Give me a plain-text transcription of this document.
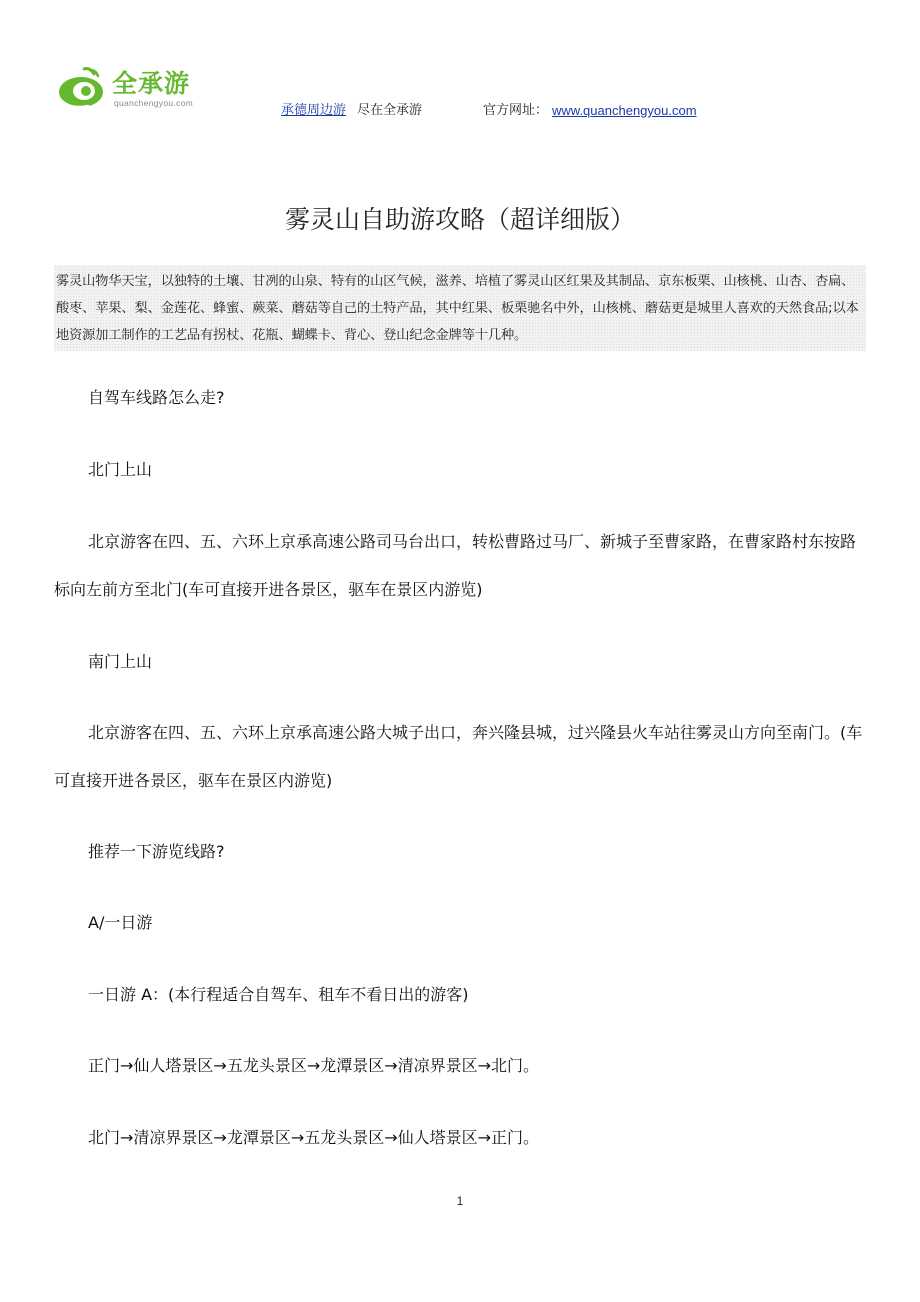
全承游
quanchengyou.com	承德周边游 尽在全承游	官方网址： www.quanchengyou.com
雾灵山自助游攻略（超详细版）
雾灵山物华天宝，以独特的土壤、甘冽的山泉、特有的山区气候，滋养、培植了雾灵山区红果及其制品、京东板栗、山核桃、山杏、杏扁、酸枣、苹果、梨、金莲花、蜂蜜、蕨菜、蘑菇等自己的土特产品，其中红果、板栗驰名中外，山核桃、蘑菇更是城里人喜欢的天然食品;以本地资源加工制作的工艺品有拐杖、花瓶、蝴蝶卡、背心、登山纪念金牌等十几种。

自驾车线路怎么走?

北门上山

北京游客在四、五、六环上京承高速公路司马台出口，转松曹路过马厂、新城子至曹家路，在曹家路村东按路标向左前方至北门(车可直接开进各景区，驱车在景区内游览)

南门上山

北京游客在四、五、六环上京承高速公路大城子出口，奔兴隆县城，过兴隆县火车站往雾灵山方向至南门。(车可直接开进各景区，驱车在景区内游览)

推荐一下游览线路?

A/一日游

一日游 A：(本行程适合自驾车、租车不看日出的游客)

正门→仙人塔景区→五龙头景区→龙潭景区→清凉界景区→北门。

北门→清凉界景区→龙潭景区→五龙头景区→仙人塔景区→正门。

1
